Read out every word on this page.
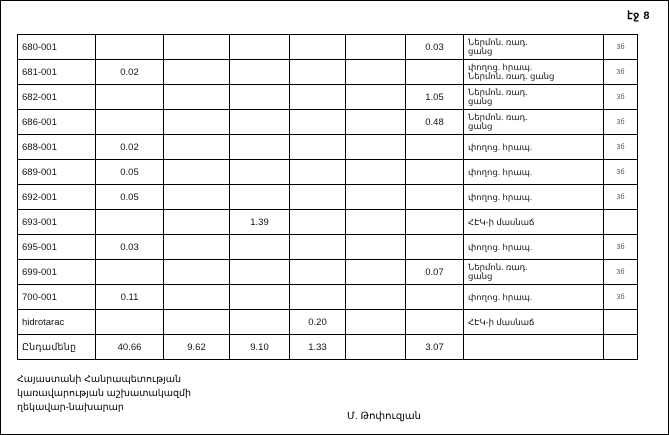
էջ 8
680-001						0.03	Ներմոն. ռադ.
ցանց	3б
681-001	0.02						փողոց. հրապ.
Ներմոն. ռադ. ցանց	3б
682-001						1.05	Ներմոն. ռադ.
ցանց	3б
686-001						0.48	Ներմոն. ռադ.
ցանց	3б
688-001	0.02						փողոց. հրապ.	3б
689-001	0.05						փողոց. հրապ.	3б
692-001	0.05						փողոց. հրապ.	3б
693-001			1.39				ՀԷԿ-ի մասնաճ	

695-001	0.03						փողոց. հրապ.	3б
699-001						0.07	Ներմոն. ռադ.
ցանց	3б
700-001	0.11						փողոց. հրապ.	3б
hidrotarac				0.20			ՀԷԿ-ի մասնաճ	

Ընդամենը	40.66	9.62	9.10	1.33		3.07		
Հայաստանի Հանրապետության
կառավարության աշխատակազմի
ղեկավար-նախարար
Մ. Թոփուզյան
